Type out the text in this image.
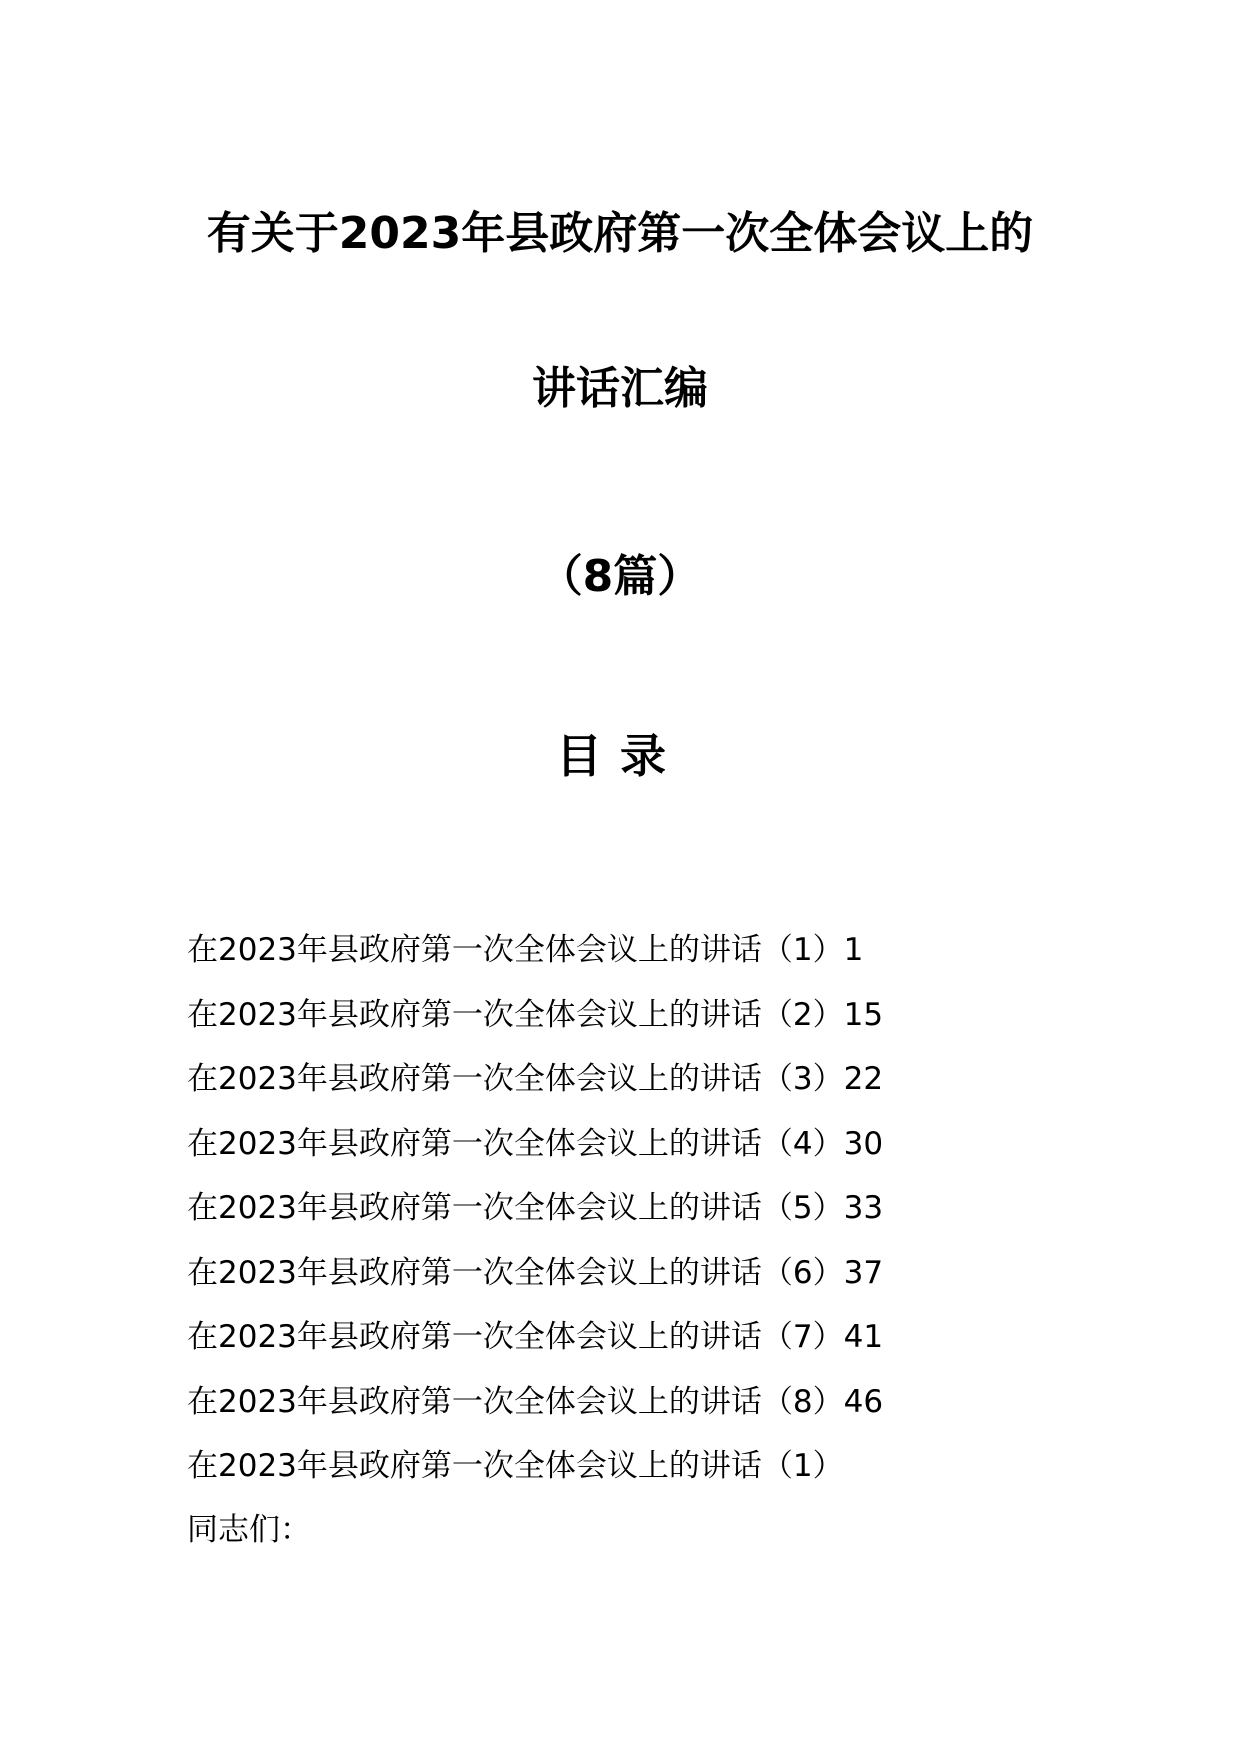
有关于2023年县政府第一次全体会议上的
讲话汇编
（8篇）
目录
在2023年县政府第一次全体会议上的讲话（1）1
在2023年县政府第一次全体会议上的讲话（2）15
在2023年县政府第一次全体会议上的讲话（3）22
在2023年县政府第一次全体会议上的讲话（4）30
在2023年县政府第一次全体会议上的讲话（5）33
在2023年县政府第一次全体会议上的讲话（6）37
在2023年县政府第一次全体会议上的讲话（7）41
在2023年县政府第一次全体会议上的讲话（8）46
在2023年县政府第一次全体会议上的讲话（1）
同志们：
